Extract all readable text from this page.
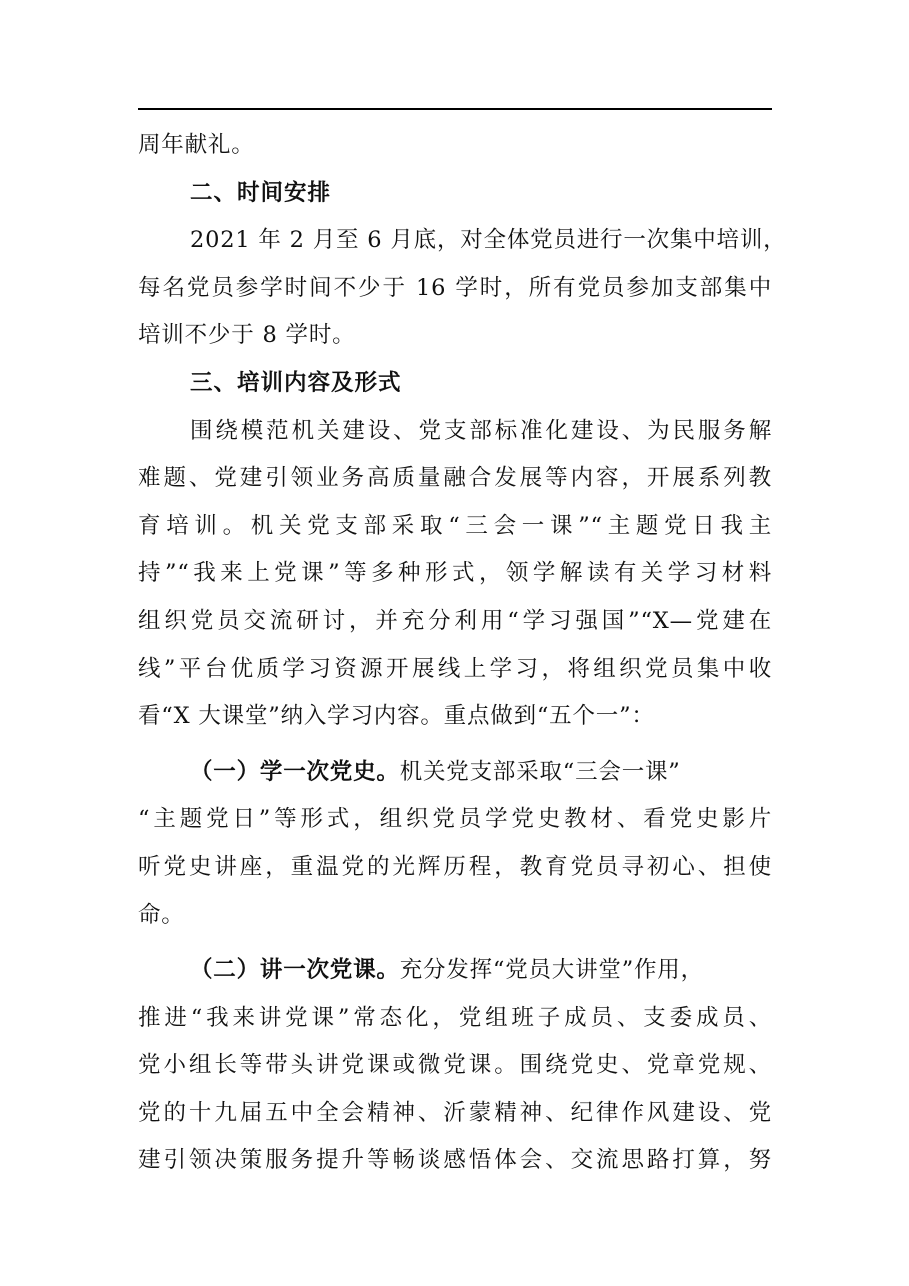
周年献礼。
二、时间安排
2021 年 2 月至 6 月底，对全体党员进行一次集中培训，
每名党员参学时间不少于 16 学时，所有党员参加支部集中
培训不少于 8 学时。
三、培训内容及形式
围绕模范机关建设、党支部标准化建设、为民服务解
难题、党建引领业务高质量融合发展等内容，开展系列教
育培训。机关党支部采取“三会一课”“主题党日我主
持”“我来上党课”等多种形式，领学解读有关学习材料
组织党员交流研讨，并充分利用“学习强国”“X—党建在
线”平台优质学习资源开展线上学习，将组织党员集中收
看“X 大课堂”纳入学习内容。重点做到“五个一”：
（一）学一次党史。机关党支部采取“三会一课”
“主题党日”等形式，组织党员学党史教材、看党史影片
听党史讲座，重温党的光辉历程，教育党员寻初心、担使
命。
（二）讲一次党课。充分发挥“党员大讲堂”作用，
推进“我来讲党课”常态化，党组班子成员、支委成员、
党小组长等带头讲党课或微党课。围绕党史、党章党规、
党的十九届五中全会精神、沂蒙精神、纪律作风建设、党
建引领决策服务提升等畅谈感悟体会、交流思路打算，努
